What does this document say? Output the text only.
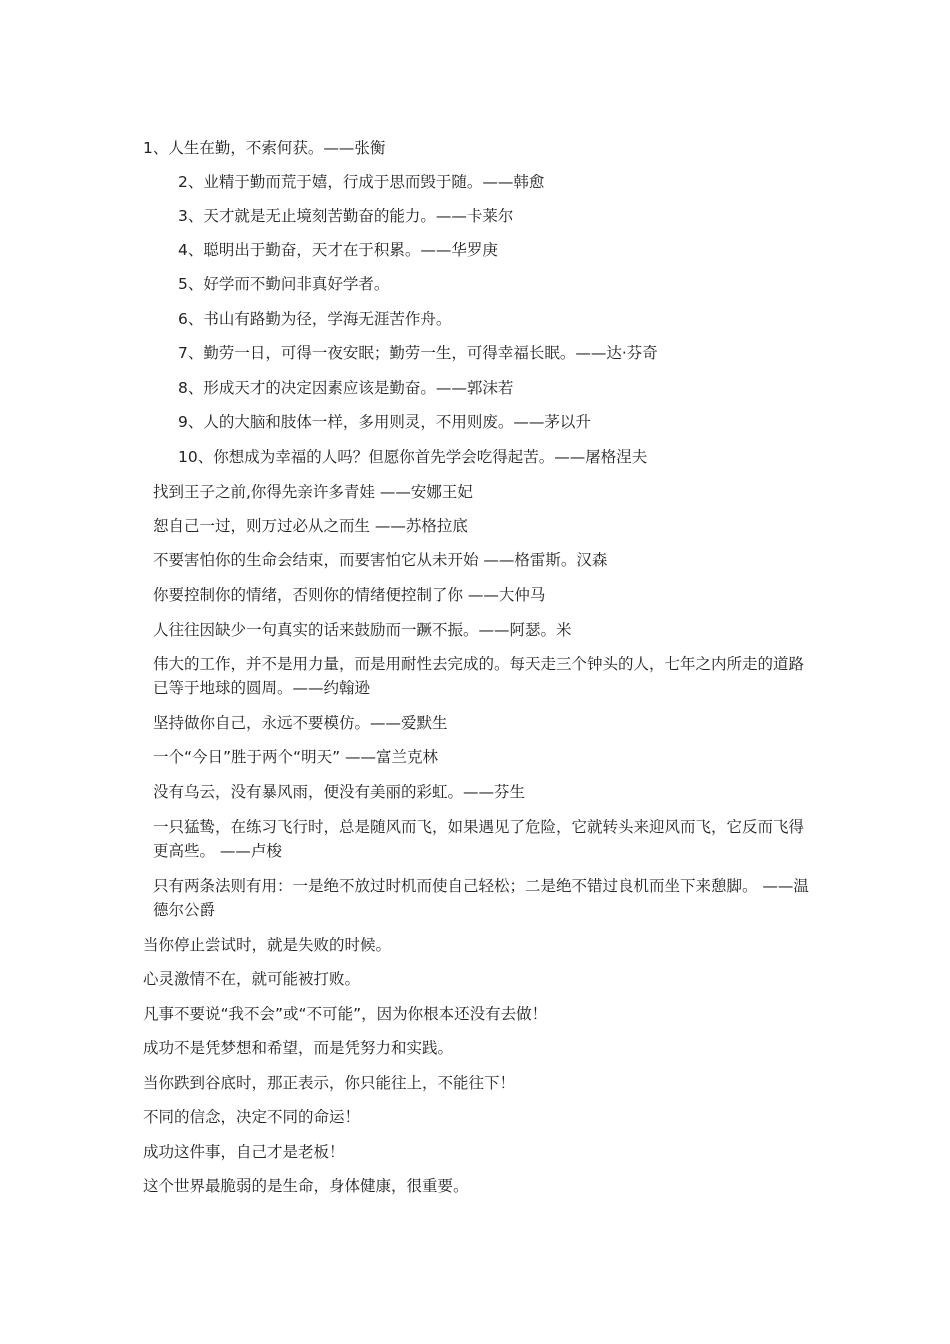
1、人生在勤，不索何获。——张衡

2、业精于勤而荒于嬉，行成于思而毁于随。——韩愈

3、天才就是无止境刻苦勤奋的能力。——卡莱尔

4、聪明出于勤奋，天才在于积累。——华罗庚

5、好学而不勤问非真好学者。

6、书山有路勤为径，学海无涯苦作舟。

7、勤劳一日，可得一夜安眠；勤劳一生，可得幸福长眠。——达·芬奇

8、形成天才的决定因素应该是勤奋。——郭沫若

9、人的大脑和肢体一样，多用则灵，不用则废。——茅以升

10、你想成为幸福的人吗？但愿你首先学会吃得起苦。——屠格涅夫

找到王子之前,你得先亲许多青娃 ——安娜王妃

恕自己一过，则万过必从之而生 ——苏格拉底

不要害怕你的生命会结束，而要害怕它从未开始 ——格雷斯。汉森

你要控制你的情绪，否则你的情绪便控制了你 ——大仲马

人往往因缺少一句真实的话来鼓励而一蹶不振。——阿瑟。米

伟大的工作，并不是用力量，而是用耐性去完成的。每天走三个钟头的人，七年之内所走的道路已等于地球的圆周。——约翰逊

坚持做你自己，永远不要模仿。——爱默生

一个“今日”胜于两个“明天” ——富兰克林

没有乌云，没有暴风雨，便没有美丽的彩虹。——芬生

一只猛鸷，在练习飞行时，总是随风而飞，如果遇见了危险，它就转头来迎风而飞，它反而飞得更高些。 ——卢梭

只有两条法则有用：一是绝不放过时机而使自己轻松；二是绝不错过良机而坐下来憩脚。 ——温德尔公爵

当你停止尝试时，就是失败的时候。

心灵激情不在，就可能被打败。

凡事不要说“我不会”或“不可能”，因为你根本还没有去做！

成功不是凭梦想和希望，而是凭努力和实践。

当你跌到谷底时，那正表示，你只能往上，不能往下！

不同的信念，决定不同的命运！

成功这件事，自己才是老板！

这个世界最脆弱的是生命，身体健康，很重要。
